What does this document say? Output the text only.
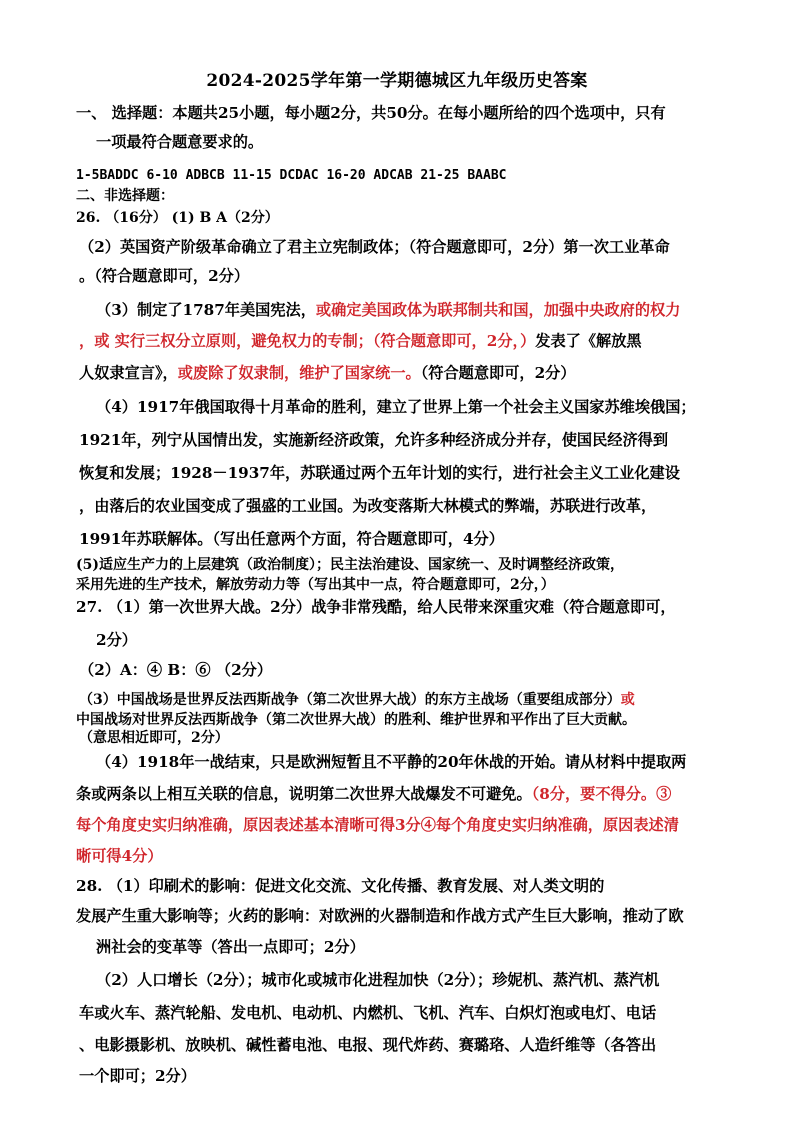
2024-2025学年第一学期德城区九年级历史答案
一、 选择题：本题共25小题，每小题2分，共50分。在每小题所给的四个选项中，只有
一项最符合题意要求的。
1-5BADDC 6-10 ADBCB 11-15 DCDAC 16-20 ADCAB 21-25 BAABC
二、非选择题：
26. （16分） (1) B A（2分）
（2）英国资产阶级革命确立了君主立宪制政体；（符合题意即可，2分）第一次工业革命
。（符合题意即可，2分）
（3）制定了1787年美国宪法，或确定美国政体为联邦制共和国，加强中央政府的权力
，或 实行三权分立原则，避免权力的专制；（符合题意即可，2分，）发表了《解放黑
人奴隶宣言》，或废除了奴隶制，维护了国家统一。（符合题意即可，2分）
（4）1917年俄国取得十月革命的胜利，建立了世界上第一个社会主义国家苏维埃俄国；
1921年，列宁从国情出发，实施新经济政策，允许多种经济成分并存，使国民经济得到
恢复和发展；1928－1937年，苏联通过两个五年计划的实行，进行社会主义工业化建设
，由落后的农业国变成了强盛的工业国。为改变落斯大林模式的弊端，苏联进行改革，
1991年苏联解体。（写出任意两个方面，符合题意即可，4分）
(5)适应生产力的上层建筑（政治制度）；民主法治建设、国家统一、及时调整经济政策，
采用先进的生产技术，解放劳动力等（写出其中一点，符合题意即可，2分，）
27. （1）第一次世界大战。2分）战争非常残酷，给人民带来深重灾难（符合题意即可，
2分）
（2）A：④ B：⑥ （2分）
（3）中国战场是世界反法西斯战争（第二次世界大战）的东方主战场（重要组成部分）或
中国战场对世界反法西斯战争（第二次世界大战）的胜利、维护世界和平作出了巨大贡献。
（意思相近即可，2分）
（4）1918年一战结束，只是欧洲短暂且不平静的20年休战的开始。请从材料中提取两
条或两条以上相互关联的信息，说明第二次世界大战爆发不可避免。（8分，要不得分。③
每个角度史实归纳准确，原因表述基本清晰可得3分④每个角度史实归纳准确，原因表述清
晰可得4分）
28. （1）印刷术的影响：促进文化交流、文化传播、教育发展、对人类文明的
发展产生重大影响等；火药的影响：对欧洲的火器制造和作战方式产生巨大影响，推动了欧
洲社会的变革等（答出一点即可；2分）
（2）人口增长（2分）；城市化或城市化进程加快（2分）；珍妮机、蒸汽机、蒸汽机
车或火车、蒸汽轮船、发电机、电动机、内燃机、飞机、汽车、白炽灯泡或电灯、电话
、电影摄影机、放映机、碱性蓄电池、电报、现代炸药、赛璐珞、人造纤维等（各答出
一个即可；2分）
